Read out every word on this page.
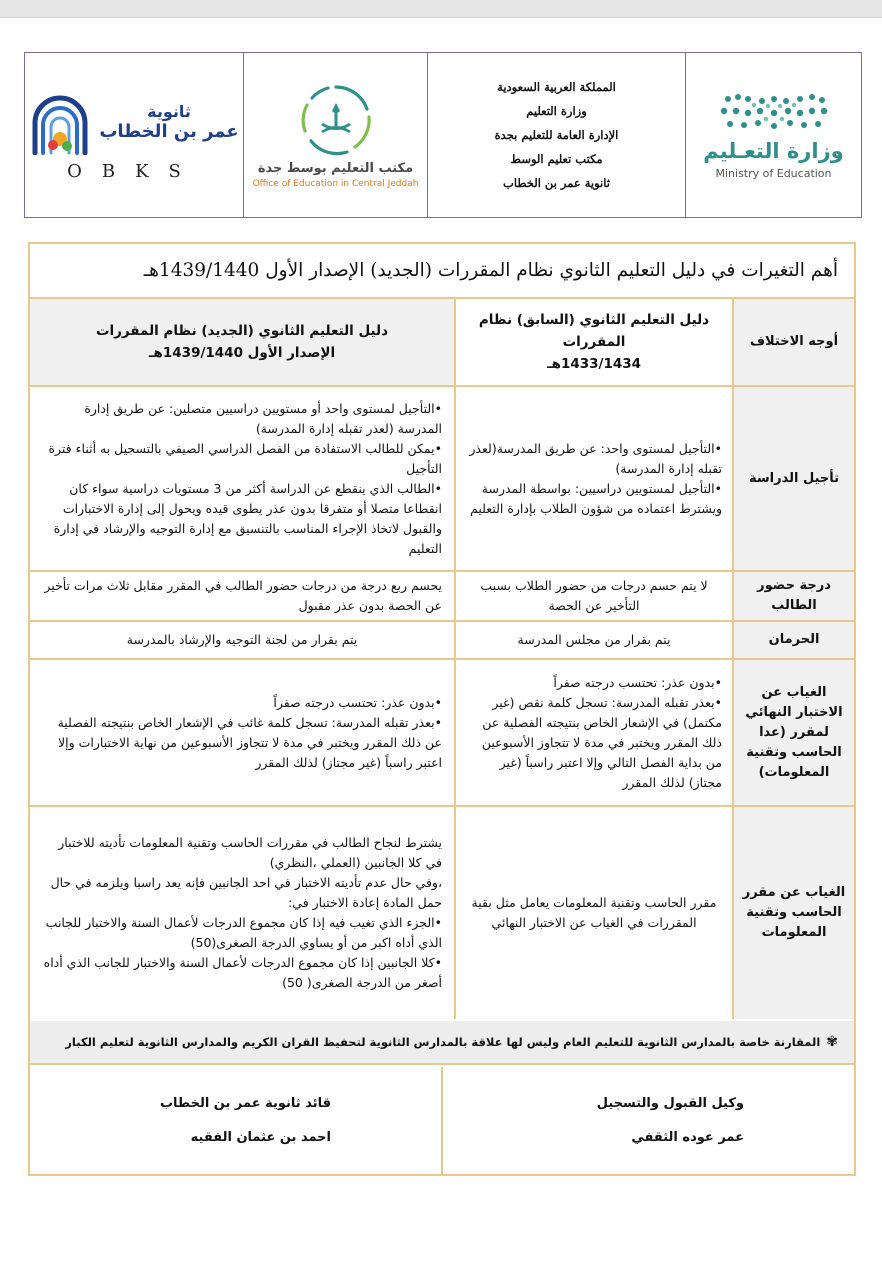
وزارة التعـليم
Ministry of Education
المملكة العربية السعودية
وزارة التعليم
الإدارة العامة للتعليم بجدة
مكتب تعليم الوسط
ثانوية عمر بن الخطاب
مكتب التعليم بوسط جدة
Office of Education in Central Jeddah
ثانوية
عمر بن الخطاب
OBKS
أهم التغيرات في دليل التعليم الثانوي نظام المقررات (الجديد) الإصدار الأول 1439/1440هـ
أوجه الاختلاف
دليل التعليم الثانوي (السابق) نظام المقررات
1433/1434هـ
دليل التعليم الثانوي (الجديد) نظام المقررات
الإصدار الأول 1439/1440هـ
تأجيل الدراسة

•التأجيل لمستوى واحد: عن طريق المدرسة(لعذر تقبله إدارة المدرسة)

•التأجيل لمستويين دراسيين: بواسطة المدرسة ويشترط اعتماده من شؤون الطلاب بإدارة التعليم

•التأجيل لمستوى واحد أو مستويين دراسيين متصلين: عن طريق إدارة المدرسة (لعذر تقبله إدارة المدرسة)

•يمكن للطالب الاستفادة من الفصل الدراسي الصيفي بالتسجيل به أثناء فترة التأجيل

•الطالب الذي ينقطع عن الدراسة أكثر من 3 مستويات دراسية سواء كان انقطاعا متصلا أو متفرقا بدون عذر يطوى قيده ويحول إلى إدارة الاختبارات والقبول لاتخاذ الإجراء المناسب بالتنسيق مع إدارة التوجيه والإرشاد في إدارة التعليم

درجة حضور الطالب
لا يتم حسم درجات من حضور الطلاب بسبب التأخير عن الحصة

يحسم ربع درجة من درجات حضور الطالب في المقرر مقابل ثلاث مرات تأخير عن الحصة بدون عذر مقبول

الحرمان
يتم بقرار من مجلس المدرسة
يتم بقرار من لجنة التوجيه والإرشاد بالمدرسة
الغياب عن الاختبار النهائي لمقرر (عدا الحاسب وتقنية المعلومات)

•بدون عذر: تحتسب درجته صفراً

•بعذر تقبله المدرسة: تسجل كلمة نقص (غير مكتمل) في الإشعار الخاص بنتيجته الفصلية عن ذلك المقرر ويختبر في مدة لا تتجاوز الأسبوعين من بداية الفصل التالي وإلا اعتبر راسباً (غير مجتاز) لذلك المقرر

•بدون عذر: تحتسب درجته صفراً

•بعذر تقبله المدرسة: تسجل كلمة غائب في الإشعار الخاص بنتيجته الفصلية عن ذلك المقرر ويختبر في مدة لا تتجاوز الأسبوعين من نهاية الاختبارات وإلا اعتبر راسباً (غير مجتاز) لذلك المقرر

الغياب عن مقرر الحاسب وتقنية المعلومات
مقرر الحاسب وتقنية المعلومات يعامل مثل بقية المقررات في الغياب عن الاختبار النهائي

يشترط لنجاح الطالب في مقررات الحاسب وتقنية المعلومات تأديته للاختبار في كلا الجانبين (العملي ،النظري)

،وفي حال عدم تأديته الاختبار في احد الجانبين فإنه يعد راسبا ويلزمه في حال حمل المادة إعادة الاختبار في:

•الجزء الذي تغيب فيه إذا كان مجموع الدرجات لأعمال السنة والاختبار للجانب الذي أداه اكبر من أو يساوي الدرجة الصغرى(50)

•كلا الجانبين إذا كان مجموع الدرجات لأعمال السنة والاختبار للجانب الذي أداه أصغر من الدرجة الصغرى( 50)

✾
المقارنة خاصة بالمدارس الثانوية للتعليم العام وليس لها علاقة بالمدارس الثانوية لتحفيظ القران الكريم والمدارس الثانوية لتعليم الكبار
وكيل القبول والتسجيل
عمر عوده الثقفي
قائد ثانوية عمر بن الخطاب
احمد بن عثمان الفقيه
